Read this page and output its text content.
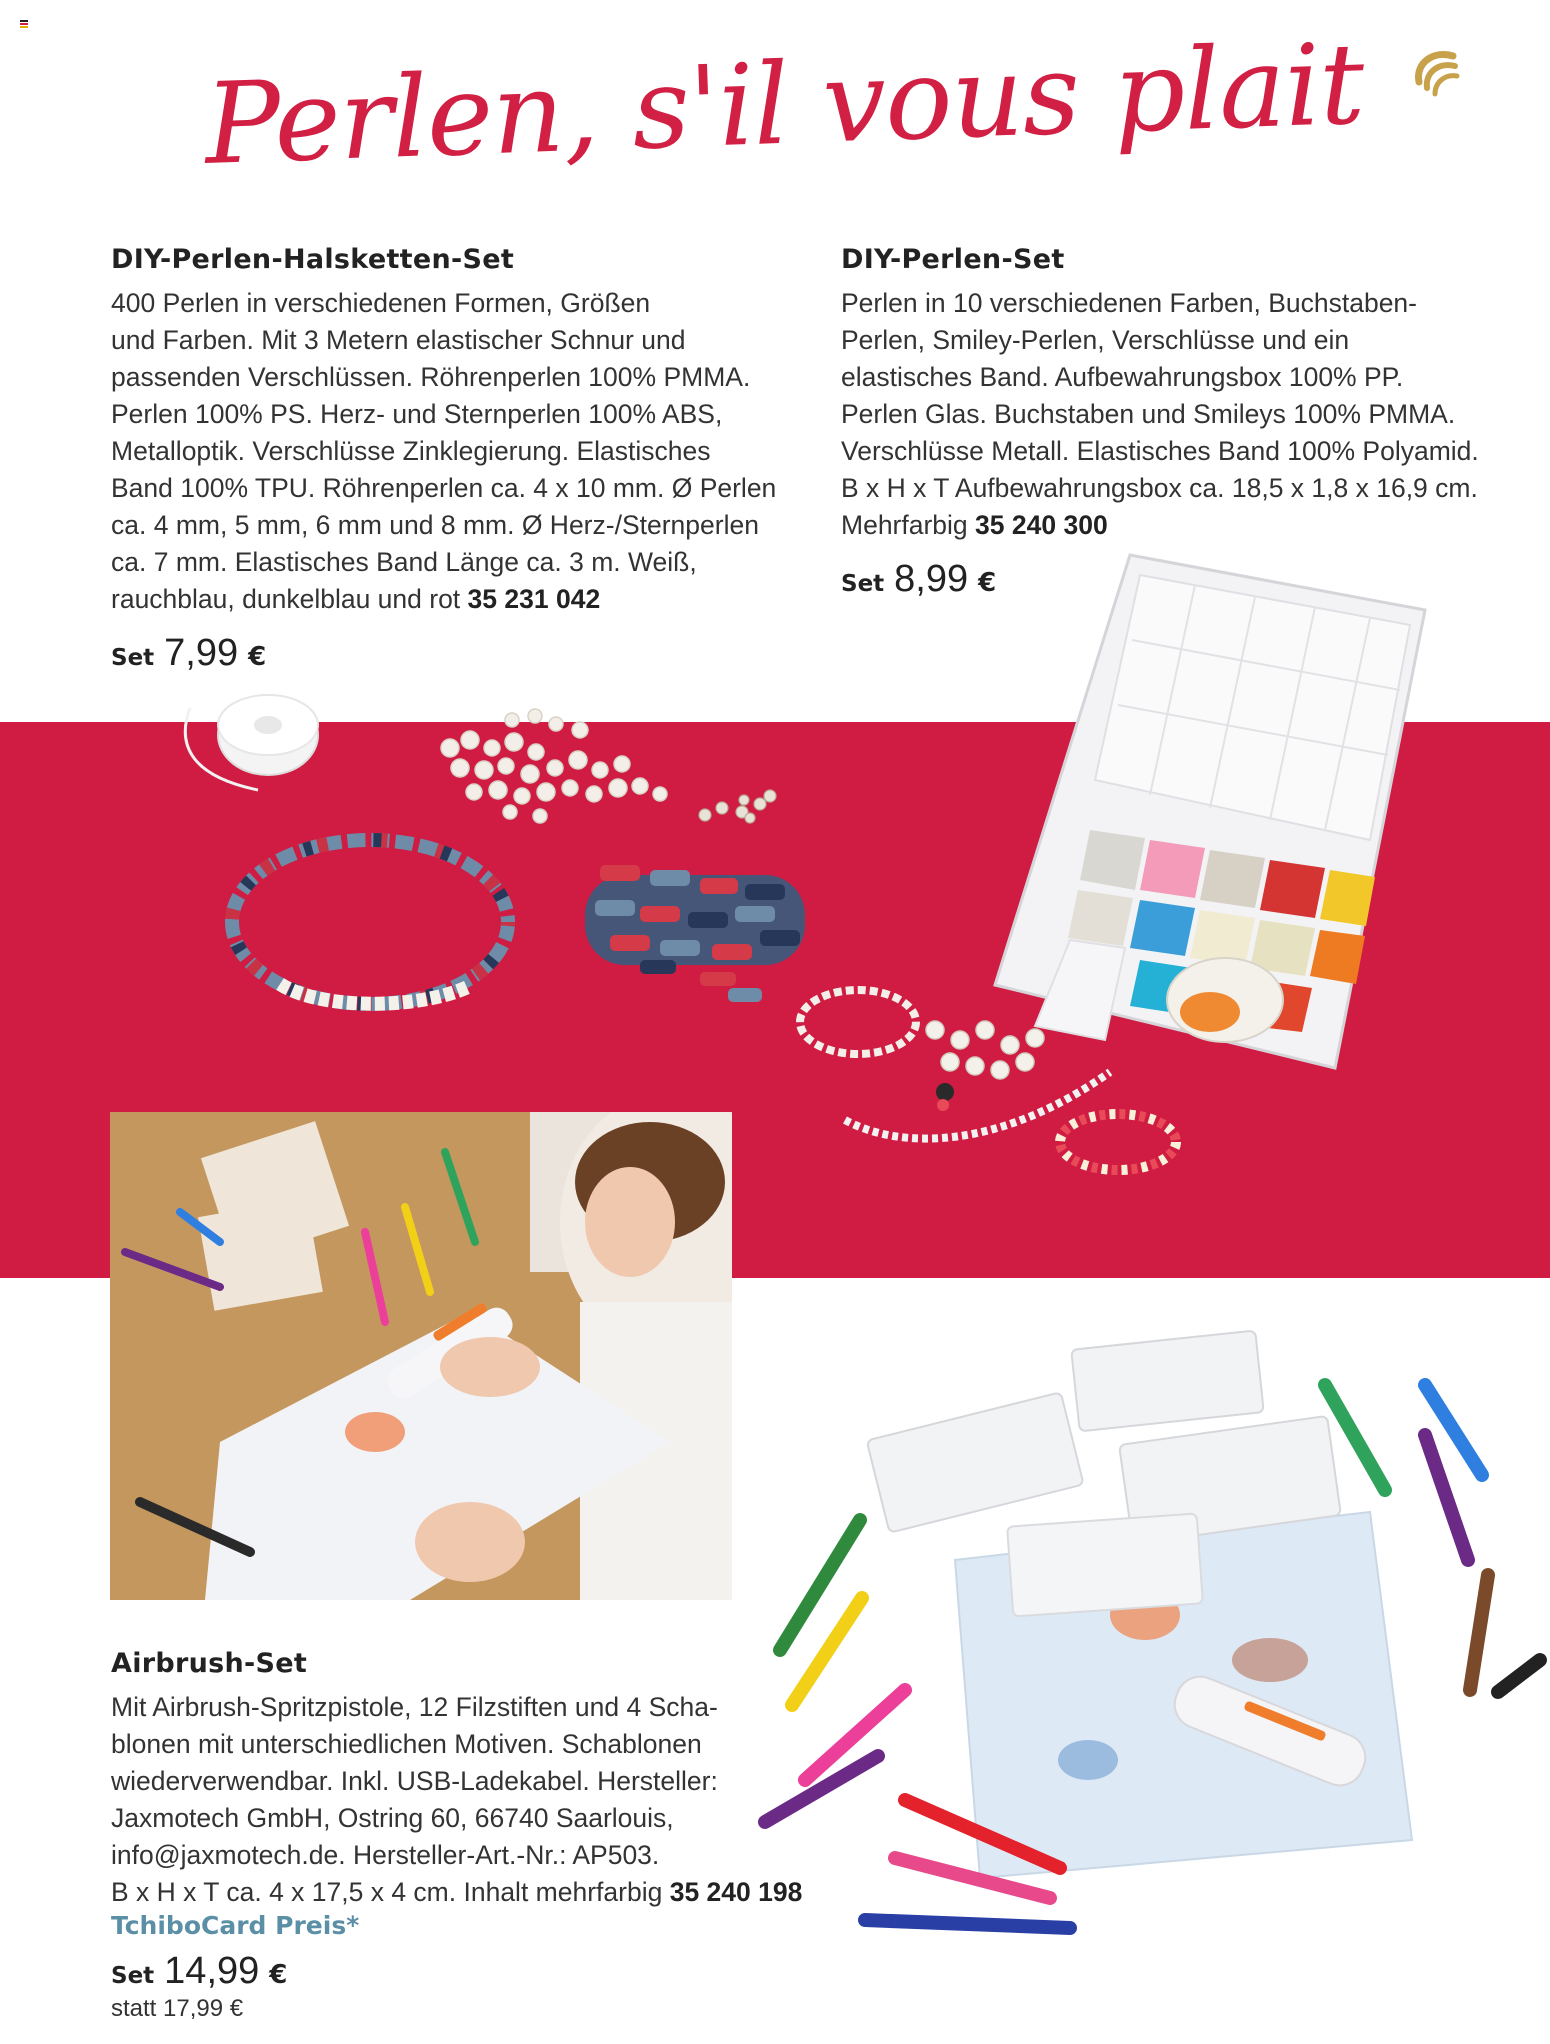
Perlen, s'il vous plait
DIY-Perlen-Halsketten-Set

400 Perlen in verschiedenen Formen, Größen
und Farben. Mit 3 Metern elastischer Schnur und
passenden Verschlüssen. Röhrenperlen 100% PMMA.
Perlen 100% PS. Herz- und Sternperlen 100% ABS,
Metalloptik. Verschlüsse Zinklegierung. Elastisches
Band 100% TPU. Röhrenperlen ca. 4 x 10 mm. Ø Perlen
ca. 4 mm, 5 mm, 6 mm und 8 mm. Ø Herz-/Sternperlen
ca. 7 mm. Elastisches Band Länge ca. 3 m. Weiß,
rauchblau, dunkelblau und rot 35 231 042

Set 7,99 €
DIY-Perlen-Set

Perlen in 10 verschiedenen Farben, Buchstaben-
Perlen, Smiley-Perlen, Verschlüsse und ein
elastisches Band. Aufbewahrungsbox 100% PP.
Perlen Glas. Buchstaben und Smileys 100% PMMA.
Verschlüsse Metall. Elastisches Band 100% Polyamid.
B x H x T Aufbewahrungsbox ca. 18,5 x 1,8 x 16,9 cm.
Mehrfarbig 35 240 300

Set 8,99 €
Airbrush-Set

Mit Airbrush-Spritzpistole, 12 Filzstiften und 4 Scha-
blonen mit unterschiedlichen Motiven. Schablonen
wiederverwendbar. Inkl. USB-Ladekabel. Hersteller:
Jaxmotech GmbH, Ostring 60, 66740 Saarlouis,
info@jaxmotech.de. Hersteller-Art.-Nr.: AP503.
B x H x T ca. 4 x 17,5 x 4 cm. Inhalt mehrfarbig 35 240 198

TchiboCard Preis*
Set 14,99 €
statt 17,99 €
